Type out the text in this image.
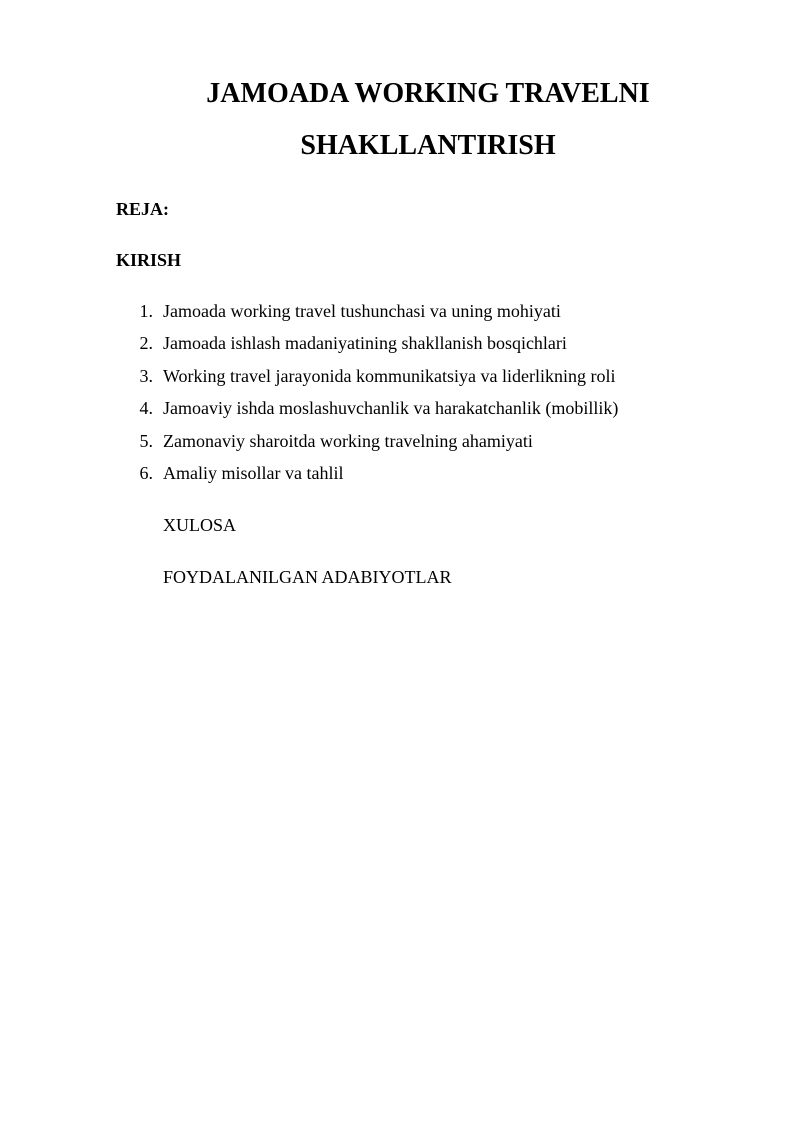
JAMOADA WORKING TRAVELNI
SHAKLLANTIRISH
REJA:
KIRISH
1. Jamoada working travel tushunchasi va uning mohiyati
2. Jamoada ishlash madaniyatining shakllanish bosqichlari
3. Working travel jarayonida kommunikatsiya va liderlikning roli
4. Jamoaviy ishda moslashuvchanlik va harakatchanlik (mobillik)
5. Zamonaviy sharoitda working travelning ahamiyati
6. Amaliy misollar va tahlil
XULOSA
FOYDALANILGAN ADABIYOTLAR
